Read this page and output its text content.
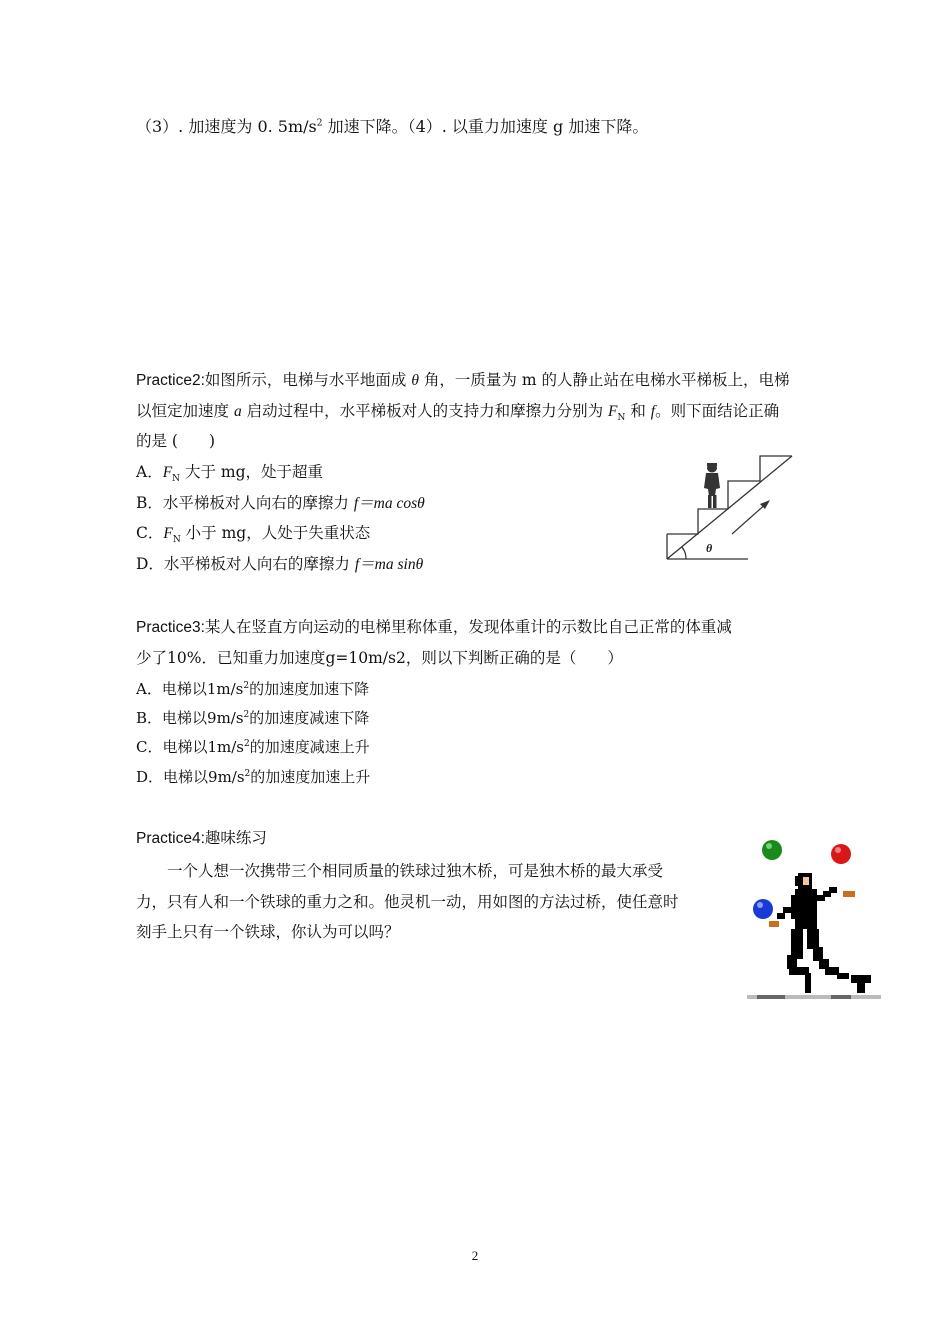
（3）. 加速度为 0. $5m/s^2$ 加速下降。（4）. 以重力加速度 g 加速下降。
Practice2:如图所示，电梯与水平地面成 θ 角，一质量为 m 的人静止站在电梯水平梯板上，电梯
以恒定加速度 a 启动过程中，水平梯板对人的支持力和摩擦力分别为 $F_N$ 和 f。则下面结论正确
的是 (　　)
A．$F_N$ 大于 mg，处于超重
B．水平梯板对人向右的摩擦力 f＝ma cosθ
C．$F_N$ 小于 mg，人处于失重状态
D．水平梯板对人向右的摩擦力 f＝ma sinθ
θ
Practice3:某人在竖直方向运动的电梯里称体重，发现体重计的示数比自己正常的体重减
少了10%．已知重力加速度g=10m/s2，则以下判断正确的是（　　）
A．电梯以$1m/s^2$的加速度加速下降
B．电梯以$9m/s^2$的加速度减速下降
C．电梯以$1m/s^2$的加速度减速上升
D．电梯以$9m/s^2$的加速度加速上升
Practice4:趣味练习
　　一个人想一次携带三个相同质量的铁球过独木桥，可是独木桥的最大承受
力，只有人和一个铁球的重力之和。他灵机一动，用如图的方法过桥，使任意时
刻手上只有一个铁球，你认为可以吗？
2
